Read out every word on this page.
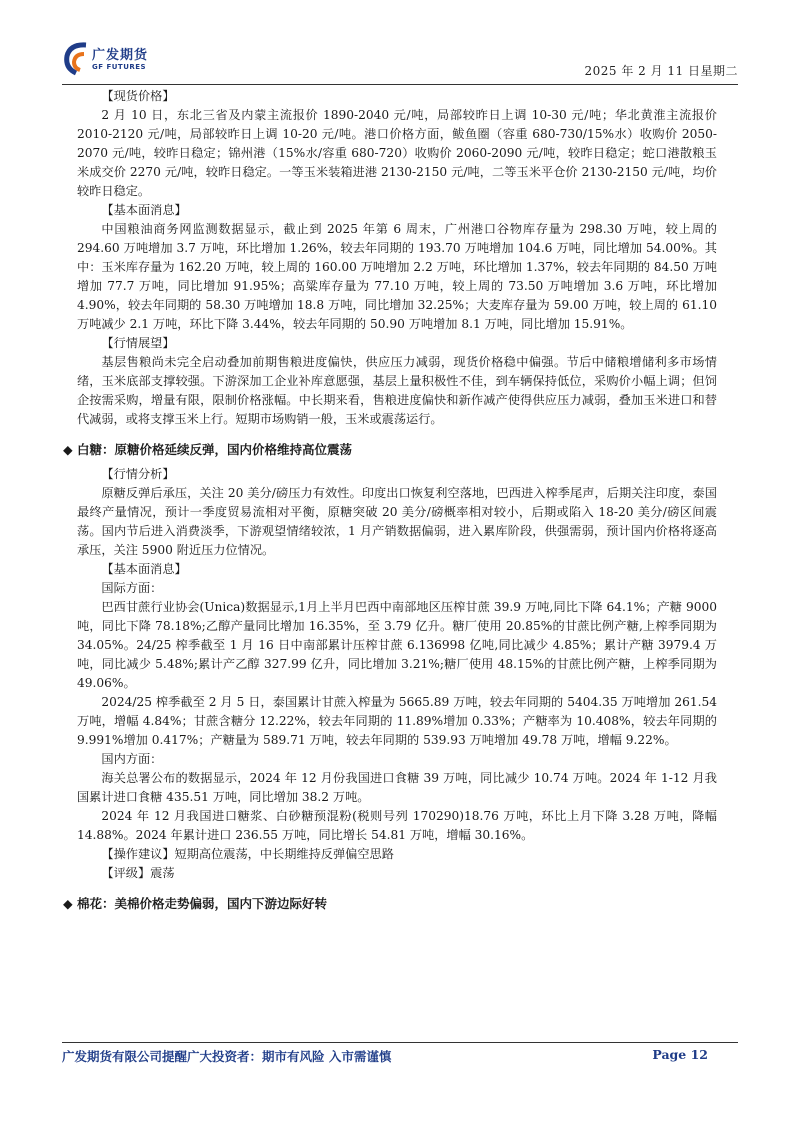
广发期货
GF FUTURES	2025 年 2 月 11 日星期二

【现货价格】

2 月 10 日，东北三省及内蒙主流报价 1890-2040 元/吨，局部较昨日上调 10-30 元/吨；华北黄淮主流报价 2010-2120 元/吨，局部较昨日上调 10-20 元/吨。港口价格方面，鲅鱼圈（容重 680-730/15%水）收购价 2050-2070 元/吨，较昨日稳定；锦州港（15%水/容重 680-720）收购价 2060-2090 元/吨，较昨日稳定；蛇口港散粮玉米成交价 2270 元/吨，较昨日稳定。一等玉米装箱进港 2130-2150 元/吨，二等玉米平仓价 2130-2150 元/吨，均价较昨日稳定。

【基本面消息】

中国粮油商务网监测数据显示，截止到 2025 年第 6 周末，广州港口谷物库存量为 298.30 万吨，较上周的 294.60 万吨增加 3.7 万吨，环比增加 1.26%，较去年同期的 193.70 万吨增加 104.6 万吨，同比增加 54.00%。其中：玉米库存量为 162.20 万吨，较上周的 160.00 万吨增加 2.2 万吨，环比增加 1.37%，较去年同期的 84.50 万吨增加 77.7 万吨，同比增加 91.95%；高粱库存量为 77.10 万吨，较上周的 73.50 万吨增加 3.6 万吨，环比增加 4.90%，较去年同期的 58.30 万吨增加 18.8 万吨，同比增加 32.25%；大麦库存量为 59.00 万吨，较上周的 61.10 万吨减少 2.1 万吨，环比下降 3.44%，较去年同期的 50.90 万吨增加 8.1 万吨，同比增加 15.91%。

【行情展望】

基层售粮尚未完全启动叠加前期售粮进度偏快，供应压力减弱，现货价格稳中偏强。节后中储粮增储利多市场情绪，玉米底部支撑较强。下游深加工企业补库意愿强，基层上量积极性不佳，到车辆保持低位，采购价小幅上调；但饲企按需采购，增量有限，限制价格涨幅。中长期来看，售粮进度偏快和新作减产使得供应压力减弱，叠加玉米进口和替代减弱，或将支撑玉米上行。短期市场购销一般，玉米或震荡运行。

◆ 白糖：原糖价格延续反弹，国内价格维持高位震荡

【行情分析】

原糖反弹后承压，关注 20 美分/磅压力有效性。印度出口恢复利空落地，巴西进入榨季尾声，后期关注印度，泰国最终产量情况，预计一季度贸易流相对平衡，原糖突破 20 美分/磅概率相对较小，后期或陷入 18-20 美分/磅区间震荡。国内节后进入消费淡季，下游观望情绪较浓，1 月产销数据偏弱，进入累库阶段，供强需弱，预计国内价格将逐高承压，关注 5900 附近压力位情况。

【基本面消息】

国际方面：

巴西甘蔗行业协会(Unica)数据显示,1月上半月巴西中南部地区压榨甘蔗 39.9 万吨,同比下降 64.1%；产糖 9000 吨，同比下降 78.18%;乙醇产量同比增加 16.35%，至 3.79 亿升。糖厂使用 20.85%的甘蔗比例产糖,上榨季同期为 34.05%。24/25 榨季截至 1 月 16 日中南部累计压榨甘蔗 6.136998 亿吨,同比减少 4.85%；累计产糖 3979.4 万吨，同比减少 5.48%;累计产乙醇 327.99 亿升，同比增加 3.21%;糖厂使用 48.15%的甘蔗比例产糖，上榨季同期为 49.06%。

2024/25 榨季截至 2 月 5 日，泰国累计甘蔗入榨量为 5665.89 万吨，较去年同期的 5404.35 万吨增加 261.54 万吨，增幅 4.84%；甘蔗含糖分 12.22%，较去年同期的 11.89%增加 0.33%；产糖率为 10.408%，较去年同期的 9.991%增加 0.417%；产糖量为 589.71 万吨，较去年同期的 539.93 万吨增加 49.78 万吨，增幅 9.22%。

国内方面：

海关总署公布的数据显示，2024 年 12 月份我国进口食糖 39 万吨，同比减少 10.74 万吨。2024 年 1-12 月我国累计进口食糖 435.51 万吨，同比增加 38.2 万吨。

2024 年 12 月我国进口糖浆、白砂糖预混粉(税则号列 170290)18.76 万吨，环比上月下降 3.28 万吨，降幅 14.88%。2024 年累计进口 236.55 万吨，同比增长 54.81 万吨，增幅 30.16%。

【操作建议】短期高位震荡，中长期维持反弹偏空思路

【评级】震荡

◆ 棉花：美棉价格走势偏弱，国内下游边际好转

广发期货有限公司提醒广大投资者：期市有风险 入市需谨慎	Page 12
